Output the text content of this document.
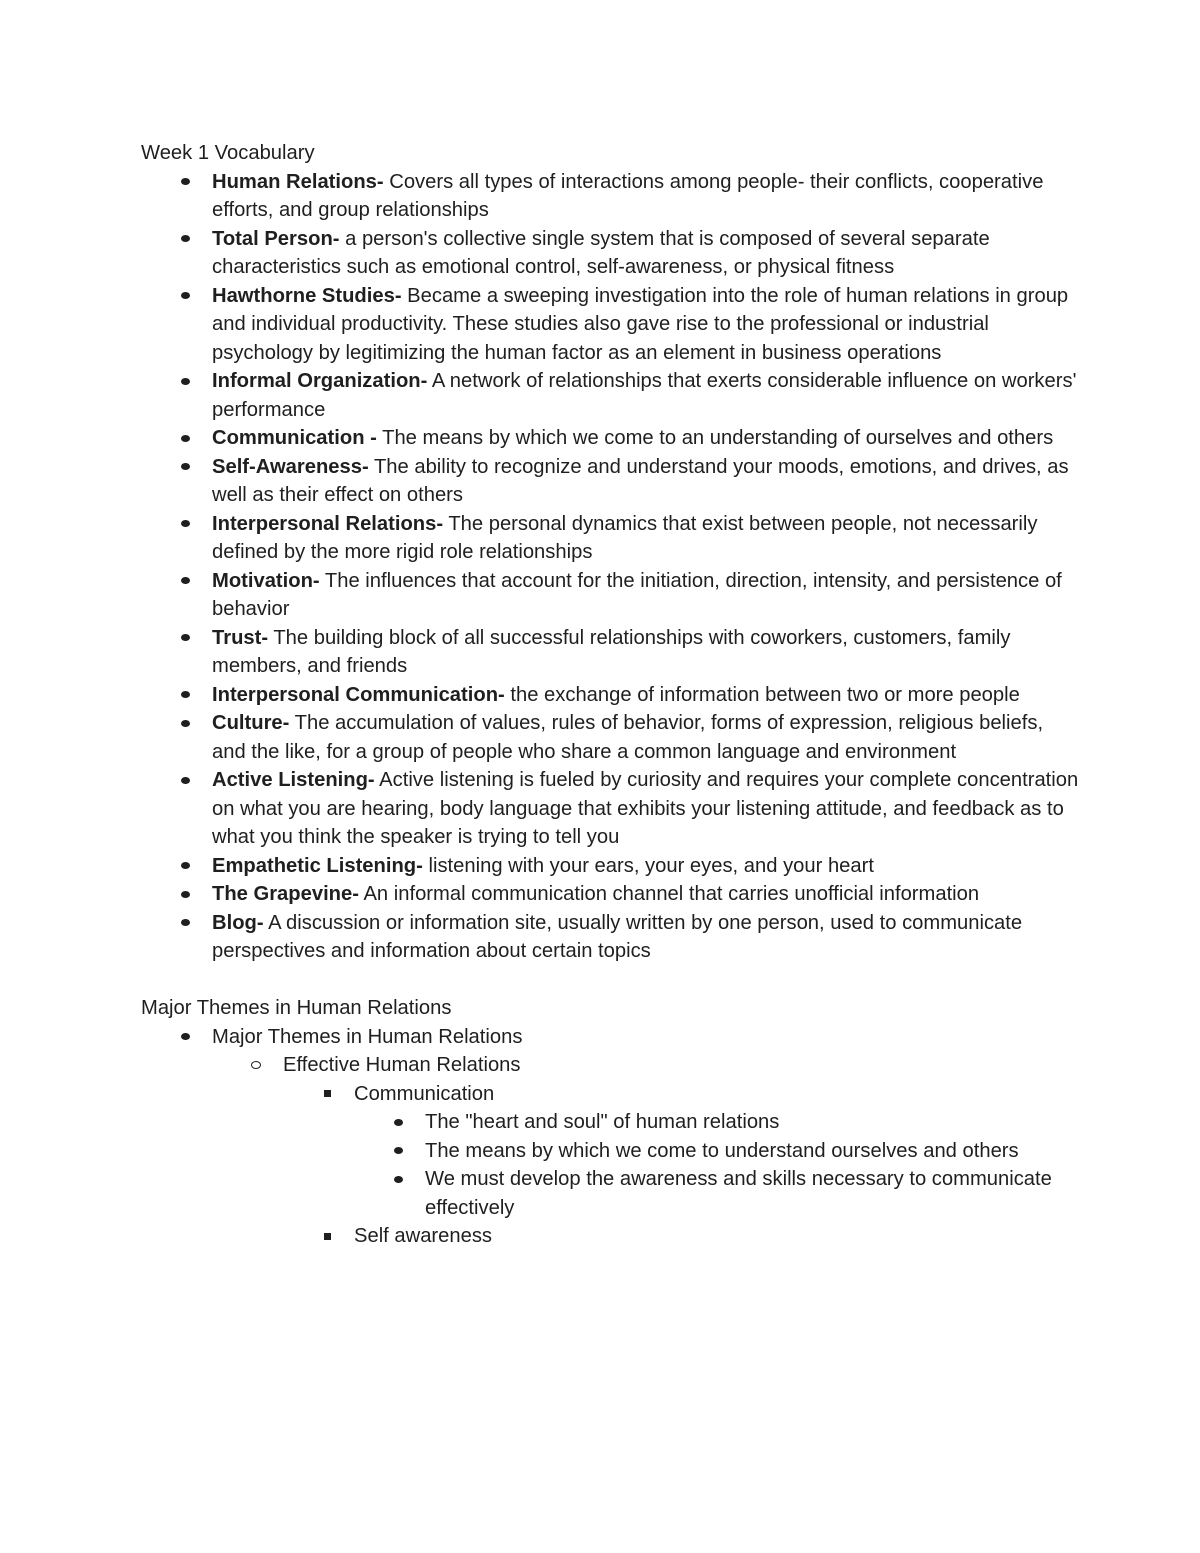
Week 1 Vocabulary
Human Relations- Covers all types of interactions among people- their conflicts, cooperative efforts, and group relationships
Total Person- a person's collective single system that is composed of several separate characteristics such as emotional control, self-awareness, or physical fitness
Hawthorne Studies- Became a sweeping investigation into the role of human relations in group and individual productivity. These studies also gave rise to the professional or industrial psychology by legitimizing the human factor as an element in business operations
Informal Organization- A network of relationships that exerts considerable influence on workers' performance
Communication - The means by which we come to an understanding of ourselves and others
Self-Awareness- The ability to recognize and understand your moods, emotions, and drives, as well as their effect on others
Interpersonal Relations- The personal dynamics that exist between people, not necessarily defined by the more rigid role relationships
Motivation- The influences that account for the initiation, direction, intensity, and persistence of behavior
Trust- The building block of all successful relationships with coworkers, customers, family members, and friends
Interpersonal Communication- the exchange of information between two or more people
Culture- The accumulation of values, rules of behavior, forms of expression, religious beliefs, and the like, for a group of people who share a common language and environment
Active Listening- Active listening is fueled by curiosity and requires your complete concentration on what you are hearing, body language that exhibits your listening attitude, and feedback as to what you think the speaker is trying to tell you
Empathetic Listening- listening with your ears, your eyes, and your heart
The Grapevine- An informal communication channel that carries unofficial information
Blog- A discussion or information site, usually written by one person, used to communicate perspectives and information about certain topics
Major Themes in Human Relations
Major Themes in Human Relations
Effective Human Relations
Communication
The "heart and soul" of human relations
The means by which we come to understand ourselves and others
We must develop the awareness and skills necessary to communicate effectively
Self awareness
